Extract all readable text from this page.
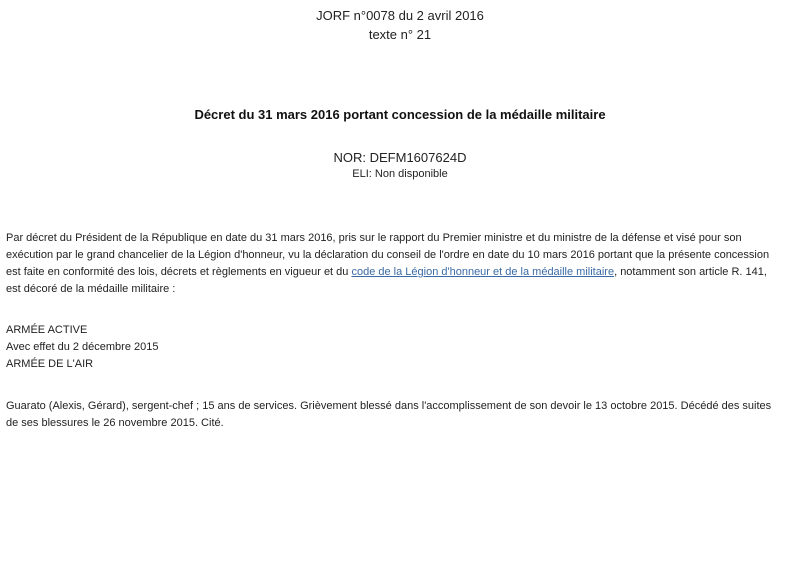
JORF n°0078 du 2 avril 2016
texte n° 21
Décret du 31 mars 2016 portant concession de la médaille militaire
NOR: DEFM1607624D
ELI: Non disponible
Par décret du Président de la République en date du 31 mars 2016, pris sur le rapport du Premier ministre et du ministre de la défense et visé pour son
exécution par le grand chancelier de la Légion d'honneur, vu la déclaration du conseil de l'ordre en date du 10 mars 2016 portant que la présente concession
est faite en conformité des lois, décrets et règlements en vigueur et du code de la Légion d'honneur et de la médaille militaire, notamment son article R. 141,
est décoré de la médaille militaire :
ARMÉE ACTIVE
Avec effet du 2 décembre 2015
ARMÉE DE L'AIR
Guarato (Alexis, Gérard), sergent-chef ; 15 ans de services. Grièvement blessé dans l'accomplissement de son devoir le 13 octobre 2015. Décédé des suites
de ses blessures le 26 novembre 2015. Cité.
